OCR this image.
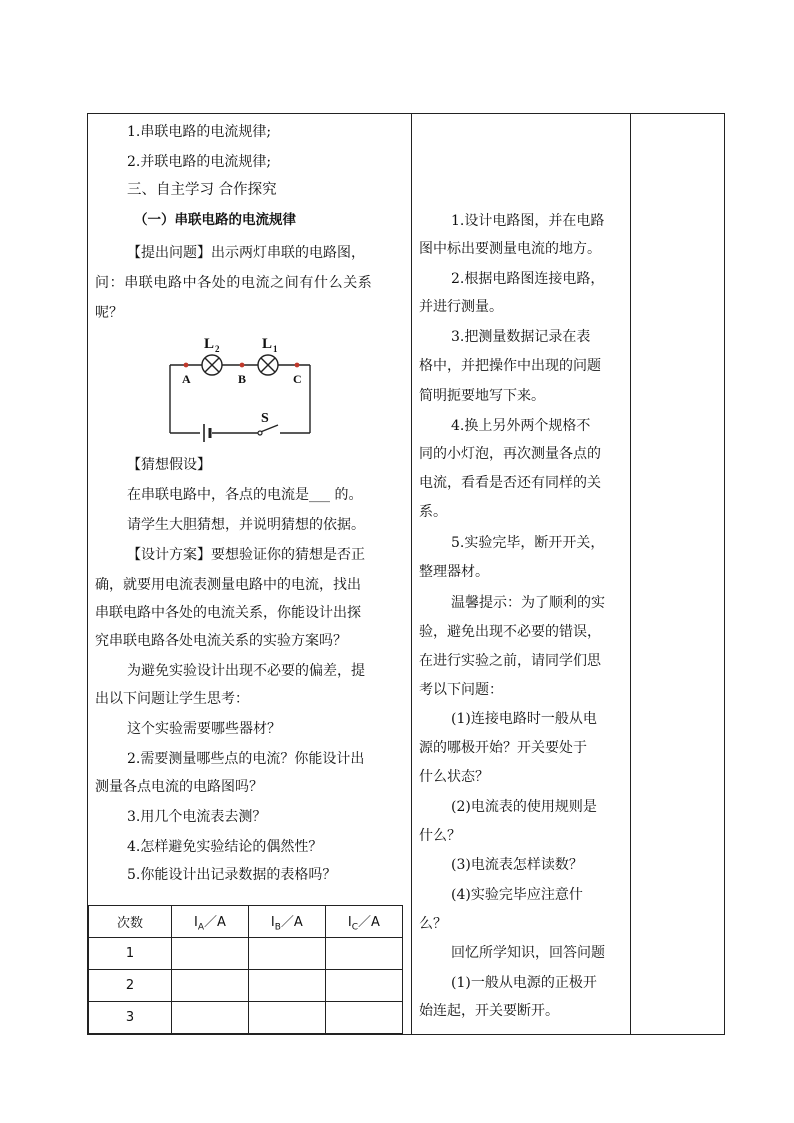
1.串联电路的电流规律;

2.并联电路的电流规律;

三、自主学习 合作探究

（一）串联电路的电流规律

【提出问题】出示两灯串联的电路图，

问：串联电路中各处的电流之间有什么关系

呢？

L 2	L 1
A	B	C
S

【猜想假设】

在串联电路中，各点的电流是___ 的。

请学生大胆猜想，并说明猜想的依据。

【设计方案】要想验证你的猜想是否正

确，就要用电流表测量电路中的电流，找出

串联电路中各处的电流关系，你能设计出探

究串联电路各处电流关系的实验方案吗？

为避免实验设计出现不必要的偏差，提

出以下问题让学生思考：

这个实验需要哪些器材？

2.需要测量哪些点的电流？你能设计出

测量各点电流的电路图吗？

3.用几个电流表去测？

4.怎样避免实验结论的偶然性？

5.你能设计出记录数据的表格吗？

次数	$I_A/A$	$I_B/A$	$I_C/A$
1			
2			
3			

1.设计电路图，并在电路

图中标出要测量电流的地方。

2.根据电路图连接电路，

并进行测量。

3.把测量数据记录在表

格中，并把操作中出现的问题

简明扼要地写下来。

4.换上另外两个规格不

同的小灯泡，再次测量各点的

电流，看看是否还有同样的关

系。

5.实验完毕，断开开关，

整理器材。

温馨提示：为了顺利的实

验，避免出现不必要的错误，

在进行实验之前，请同学们思

考以下问题：

(1)连接电路时一般从电

源的哪极开始？开关要处于

什么状态？

(2)电流表的使用规则是

什么？

(3)电流表怎样读数？

(4)实验完毕应注意什

么？

回忆所学知识，回答问题

(1)一般从电源的正极开

始连起，开关要断开。
